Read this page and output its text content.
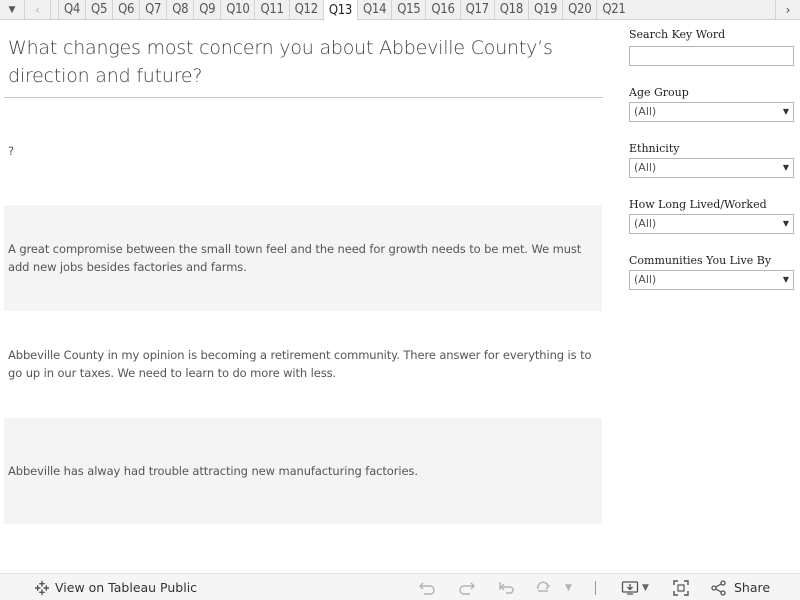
▼	‹	Q4 Q5 Q6 Q7 Q8 Q9 Q10 Q11 Q12 Q13 Q14 Q15 Q16 Q17 Q18 Q19 Q20 Q21	›
What changes most concern you about Abbeville County’s direction and future?
?
A great compromise between the small town feel and the need for growth needs to be met. We must add new jobs besides factories and farms.
Abbeville County in my opinion is becoming a retirement community. There answer for everything is to go up in our taxes. We need to learn to do more with less.
Abbeville has alway had trouble attracting new manufacturing factories.
Search Key Word
Age Group
(All)	▼
Ethnicity
(All)	▼
How Long Lived/Worked
(All)	▼
Communities You Live By
(All)	▼
View on Tableau Public	▼	▼	Share
